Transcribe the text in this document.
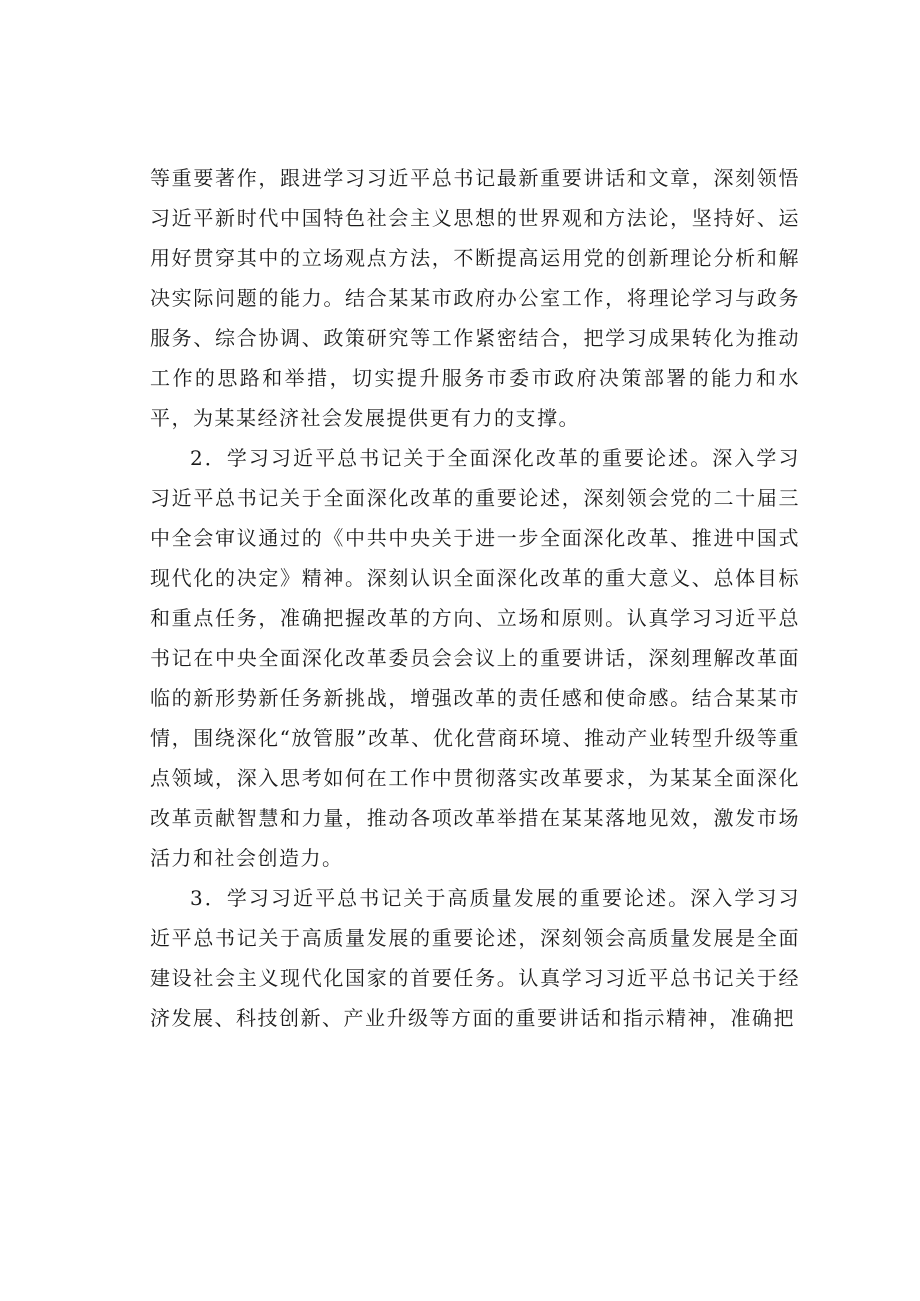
等重要著作，跟进学习习近平总书记最新重要讲话和文章，深刻领悟习近平新时代中国特色社会主义思想的世界观和方法论，坚持好、运用好贯穿其中的立场观点方法，不断提高运用党的创新理论分析和解决实际问题的能力。结合某某市政府办公室工作，将理论学习与政务服务、综合协调、政策研究等工作紧密结合，把学习成果转化为推动工作的思路和举措，切实提升服务市委市政府决策部署的能力和水平，为某某经济社会发展提供更有力的支撑。

2．学习习近平总书记关于全面深化改革的重要论述。深入学习习近平总书记关于全面深化改革的重要论述，深刻领会党的二十届三中全会审议通过的《中共中央关于进一步全面深化改革、推进中国式现代化的决定》精神。深刻认识全面深化改革的重大意义、总体目标和重点任务，准确把握改革的方向、立场和原则。认真学习习近平总书记在中央全面深化改革委员会会议上的重要讲话，深刻理解改革面临的新形势新任务新挑战，增强改革的责任感和使命感。结合某某市情，围绕深化“放管服”改革、优化营商环境、推动产业转型升级等重点领域，深入思考如何在工作中贯彻落实改革要求，为某某全面深化改革贡献智慧和力量，推动各项改革举措在某某落地见效，激发市场活力和社会创造力。

3．学习习近平总书记关于高质量发展的重要论述。深入学习习近平总书记关于高质量发展的重要论述，深刻领会高质量发展是全面建设社会主义现代化国家的首要任务。认真学习习近平总书记关于经济发展、科技创新、产业升级等方面的重要讲话和指示精神，准确把
